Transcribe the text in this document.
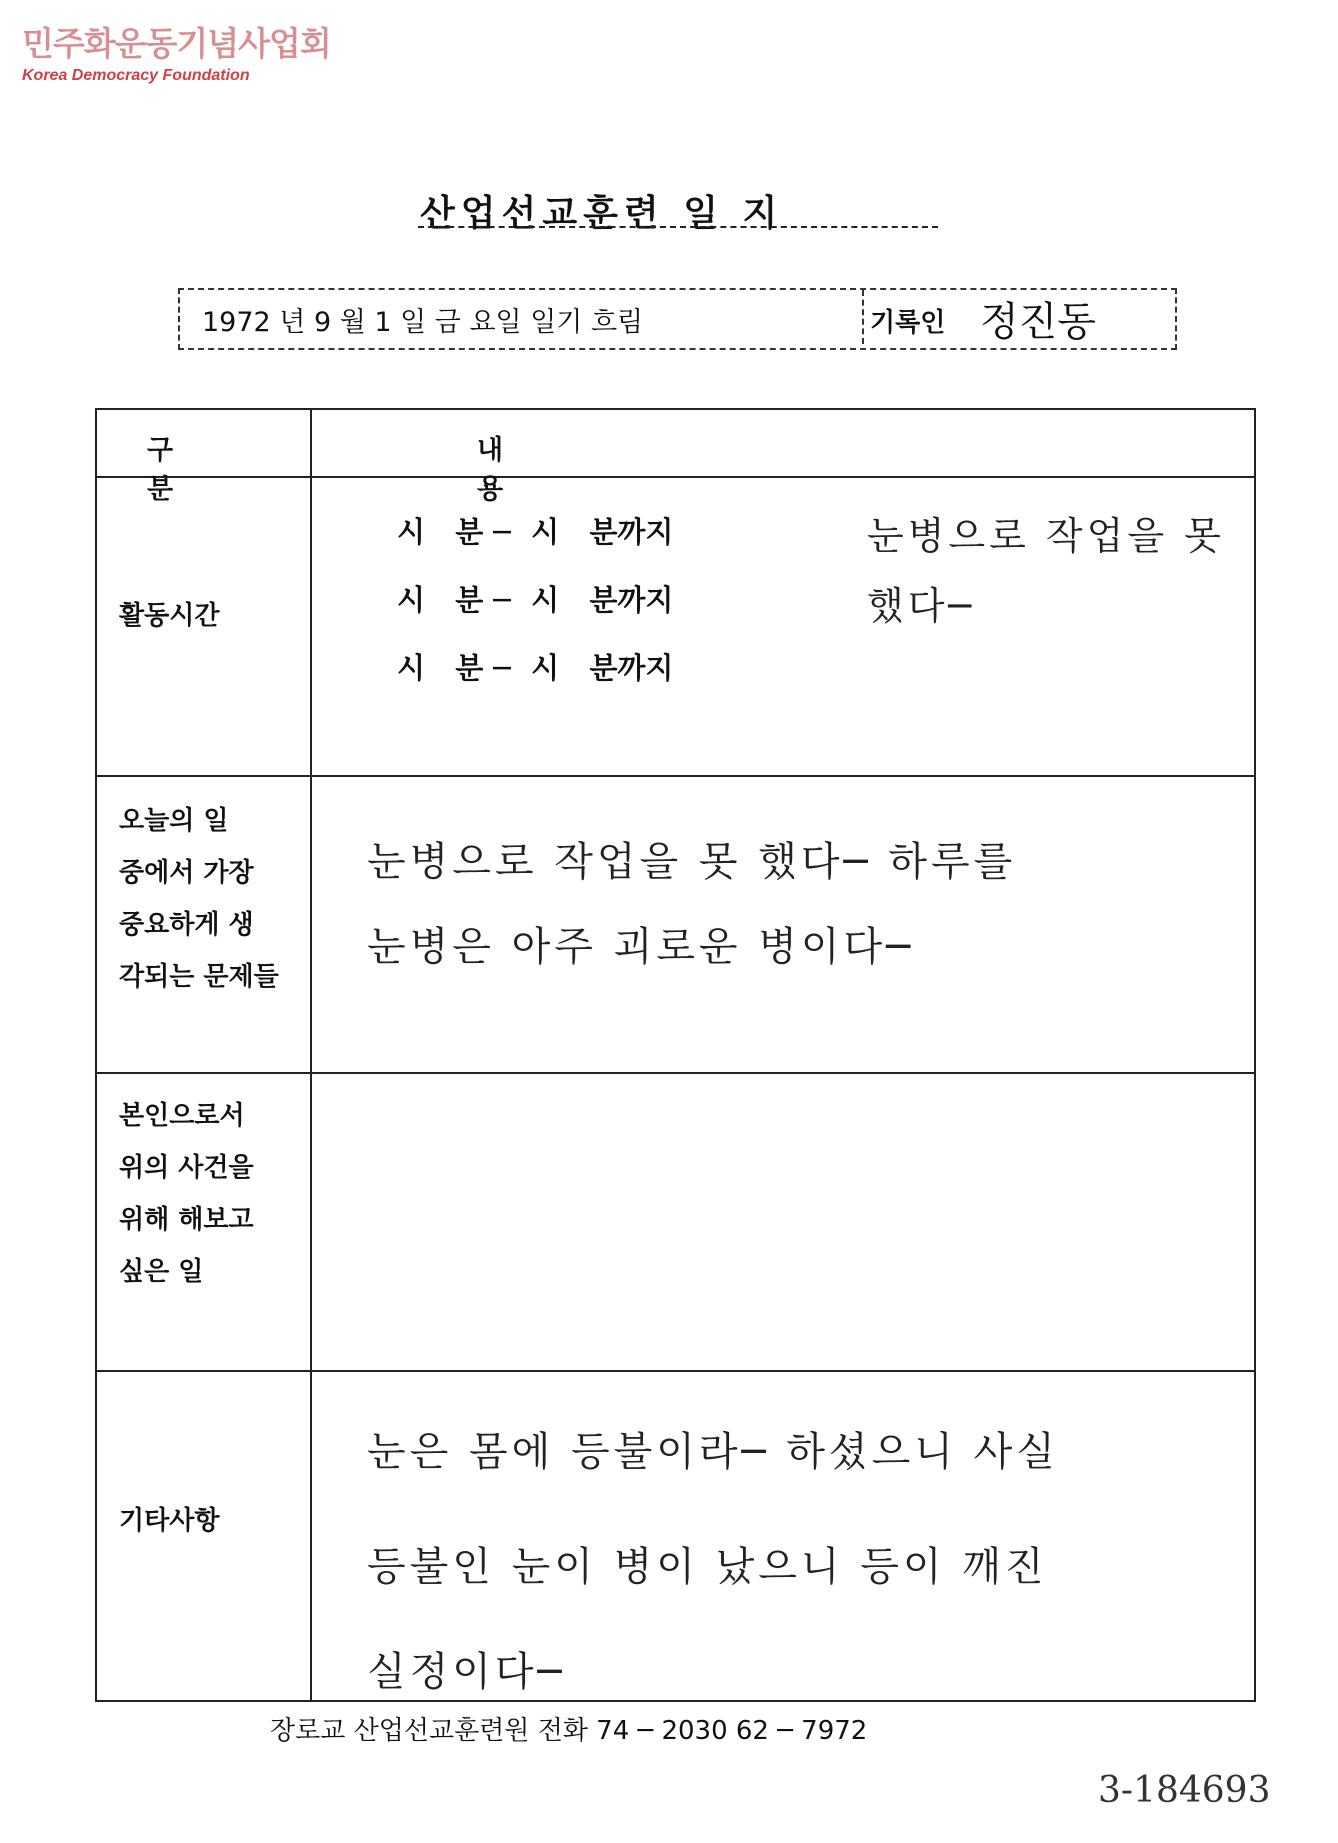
민주화운동기념사업회
Korea Democracy Foundation
산업선교훈련 일 지
1972 년 9 월 1 일 금 요일 일기 흐림	기록인 정진동
구 분
내 용
활동시간
시   분 ─  시   분까지
시   분 ─  시   분까지
시   분 ─  시   분까지
눈병으로 작업을 못
했다─
오늘의 일
중에서 가장
중요하게 생
각되는 문제들
눈병으로 작업을 못 했다─ 하루를
눈병은 아주 괴로운 병이다─
본인으로서
위의 사건을
위해 해보고
싶은 일
기타사항
눈은 몸에 등불이라─ 하셨으니 사실
등불인 눈이 병이 났으니 등이 깨진
실정이다─
장로교 산업선교훈련원 전화 74 ─ 2030 62 ─ 7972
3-184693
